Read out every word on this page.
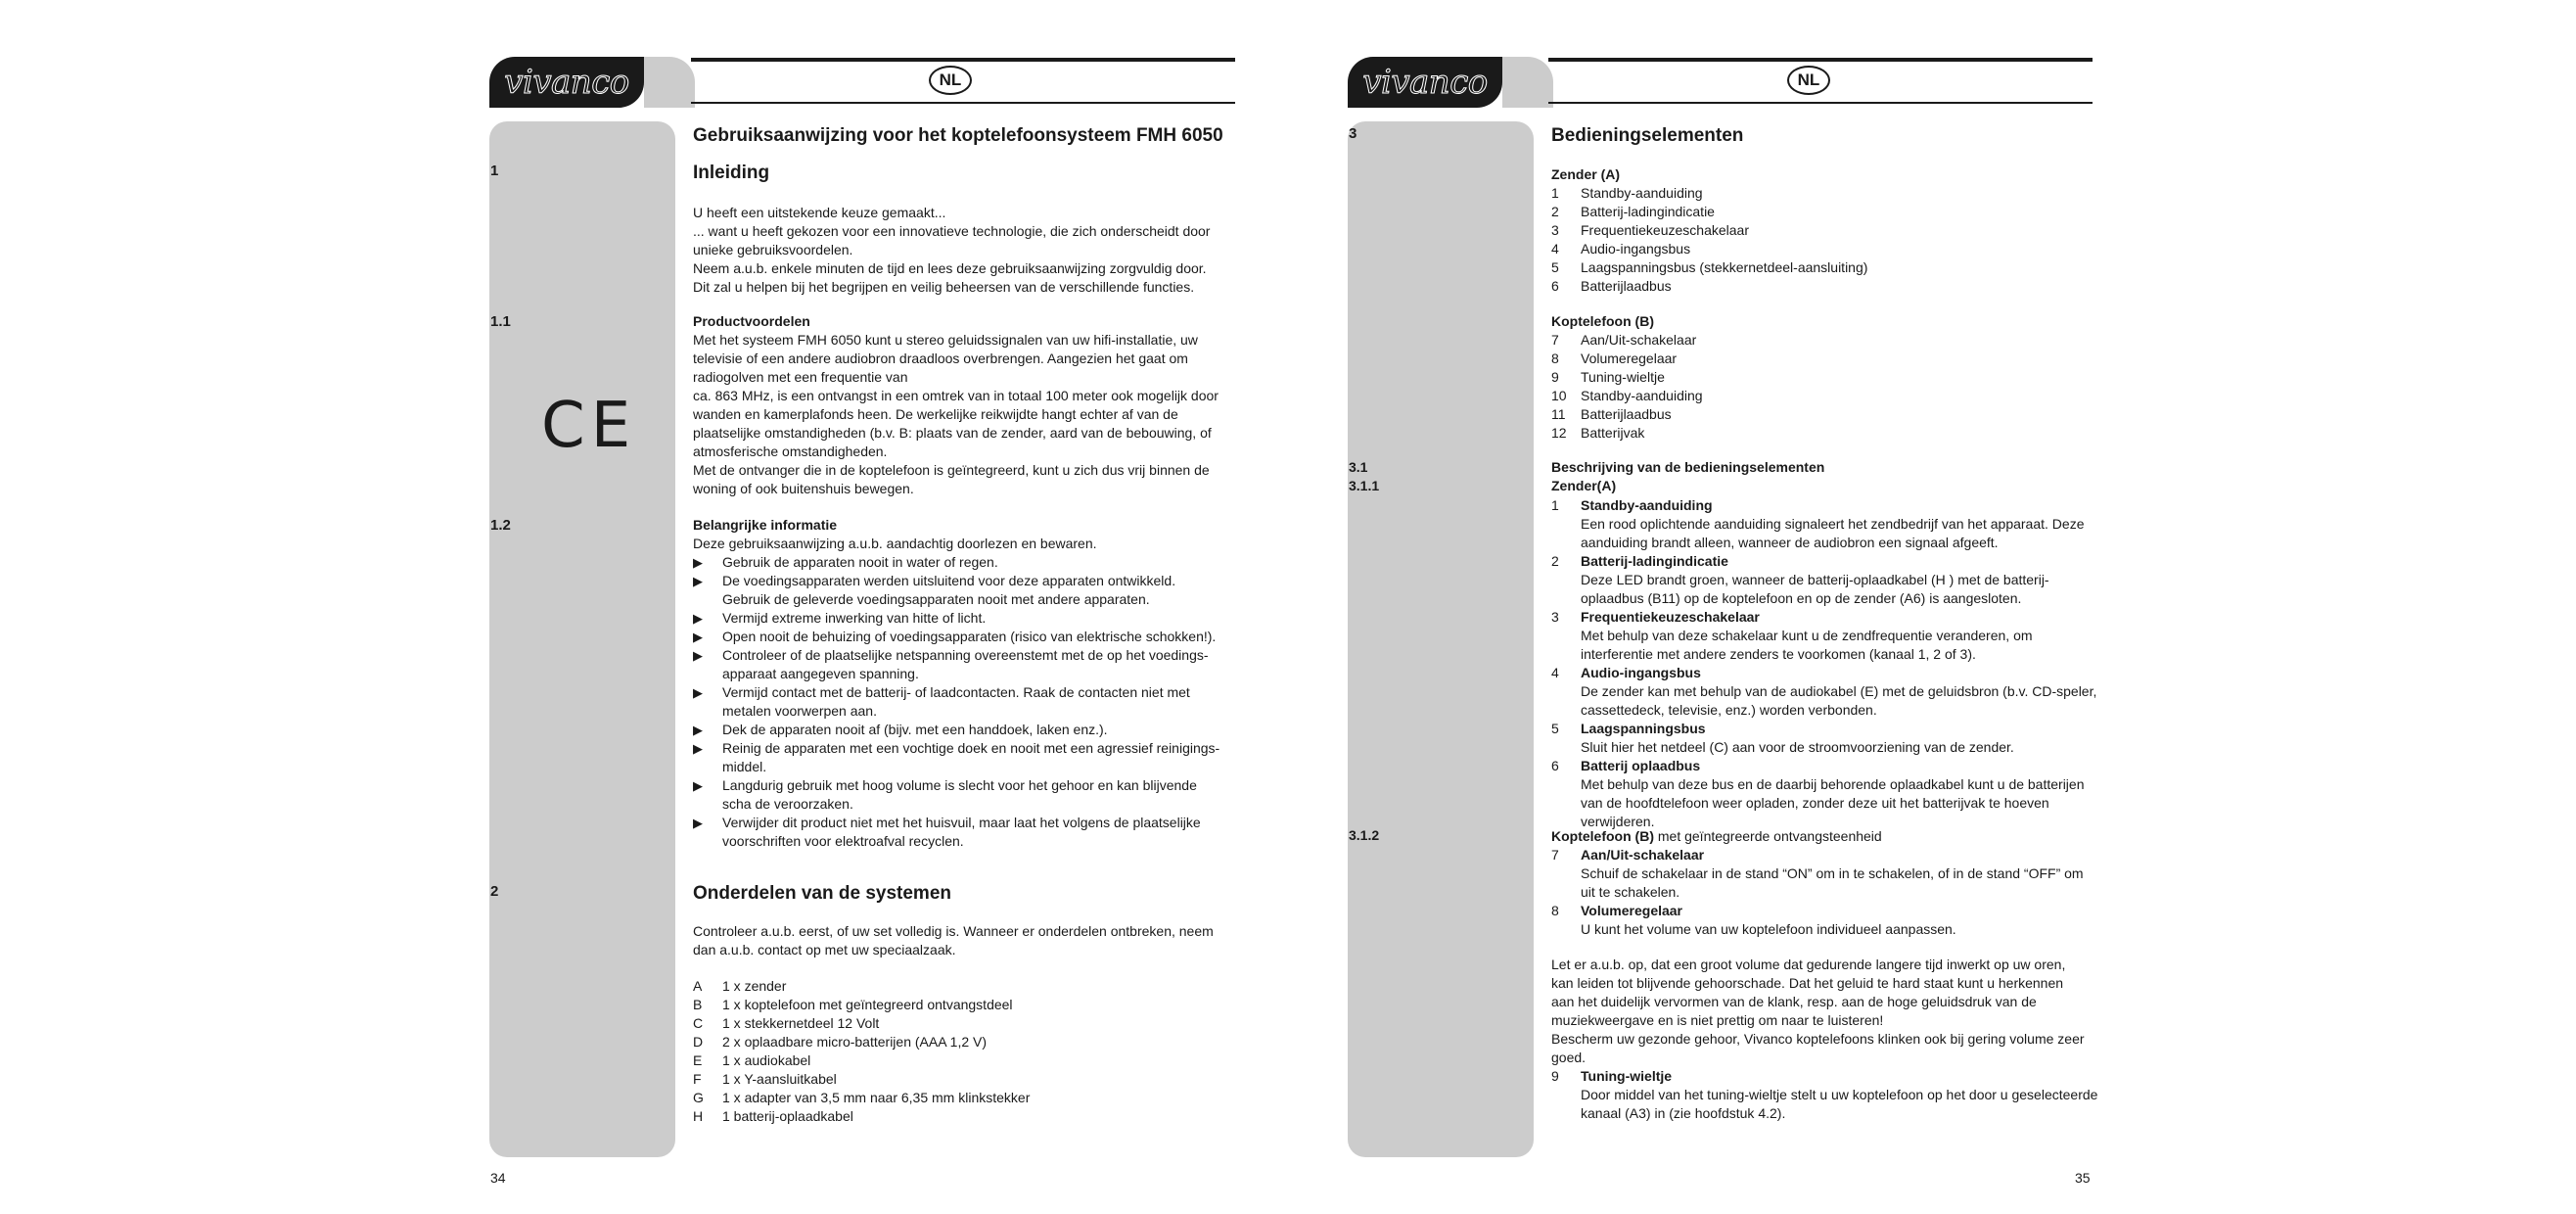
vivanco	NL
CE
Gebruiksaanwijzing voor het koptelefoonsysteem FMH 6050
1	Inleiding
U heeft een uitstekende keuze gemaakt...
... want u heeft gekozen voor een innovatieve technologie, die zich onderscheidt door
unieke gebruiksvoordelen.
Neem a.u.b. enkele minuten de tijd en lees deze gebruiksaanwijzing zorgvuldig door.
Dit zal u helpen bij het begrijpen en veilig beheersen van de verschillende functies.
1.1	Productvoordelen
Met het systeem FMH 6050 kunt u stereo geluidssignalen van uw hifi-installatie, uw
televisie of een andere audiobron draadloos overbrengen. Aangezien het gaat om
radiogolven met een frequentie van
ca. 863 MHz, is een ontvangst in een omtrek van in totaal 100 meter ook mogelijk door
wanden en kamerplafonds heen. De werkelijke reikwijdte hangt echter af van de
plaatselijke omstandigheden (b.v. B: plaats van de zender, aard van de bebouwing, of
atmosferische omstandigheden.
Met de ontvanger die in de koptelefoon is geïntegreerd, kunt u zich dus vrij binnen de
woning of ook buitenshuis bewegen.
1.2	Belangrijke informatie
Deze gebruiksaanwijzing a.u.b. aandachtig doorlezen en bewaren.
▶ Gebruik de apparaten nooit in water of regen.
▶ De voedingsapparaten werden uitsluitend voor deze apparaten ontwikkeld. Gebruik de geleverde voedingsapparaten nooit met andere apparaten.
▶ Vermijd extreme inwerking van hitte of licht.
▶ Open nooit de behuizing of voedingsapparaten (risico van elektrische schokken!).
▶ Controleer of de plaatselijke netspanning overeenstemt met de op het voedings- apparaat aangegeven spanning.
▶ Vermijd contact met de batterij- of laadcontacten. Raak de contacten niet met metalen voorwerpen aan.
▶ Dek de apparaten nooit af (bijv. met een handdoek, laken enz.).
▶ Reinig de apparaten met een vochtige doek en nooit met een agressief reinigings- middel.
▶ Langdurig gebruik met hoog volume is slecht voor het gehoor en kan blijvende scha de veroorzaken.
▶ Verwijder dit product niet met het huisvuil, maar laat het volgens de plaatselijke voorschriften voor elektroafval recyclen.
2	Onderdelen van de systemen
Controleer a.u.b. eerst, of uw set volledig is. Wanneer er onderdelen ontbreken, neem
dan a.u.b. contact op met uw speciaalzaak.
A 1 x zender
B 1 x koptelefoon met geïntegreerd ontvangstdeel
C 1 x stekkernetdeel 12 Volt
D 2 x oplaadbare micro-batterijen (AAA 1,2 V)
E 1 x audiokabel
F 1 x Y-aansluitkabel
G 1 x adapter van 3,5 mm naar 6,35 mm klinkstekker
H 1 batterij-oplaadkabel
34
vivanco	NL
3	Bedieningselementen
Zender (A)
1 Standby-aanduiding
2 Batterij-ladingindicatie
3 Frequentiekeuzeschakelaar
4 Audio-ingangsbus
5 Laagspanningsbus (stekkernetdeel-aansluiting)
6 Batterijlaadbus
Koptelefoon (B)
7 Aan/Uit-schakelaar
8 Volumeregelaar
9 Tuning-wieltje
10 Standby-aanduiding
11 Batterijlaadbus
12 Batterijvak
3.1	Beschrijving van de bedieningselementen
3.1.1	Zender(A)
1 Standby-aanduiding
Een rood oplichtende aanduiding signaleert het zendbedrijf van het apparaat. Deze aanduiding brandt alleen, wanneer de audiobron een signaal afgeeft.
2 Batterij-ladingindicatie
Deze LED brandt groen, wanneer de batterij-oplaadkabel (H ) met de batterij- oplaadbus (B11) op de koptelefoon en op de zender (A6) is aangesloten.
3 Frequentiekeuzeschakelaar
Met behulp van deze schakelaar kunt u de zendfrequentie veranderen, om interferentie met andere zenders te voorkomen (kanaal 1, 2 of 3).
4 Audio-ingangsbus
De zender kan met behulp van de audiokabel (E) met de geluidsbron (b.v. CD-speler, cassettedeck, televisie, enz.) worden verbonden.
5 Laagspanningsbus
Sluit hier het netdeel (C) aan voor de stroomvoorziening van de zender.
6 Batterij oplaadbus
Met behulp van deze bus en de daarbij behorende oplaadkabel kunt u de batterijen van de hoofdtelefoon weer opladen, zonder deze uit het batterijvak te hoeven verwijderen.
3.1.2	Koptelefoon (B) met geïntegreerde ontvangsteenheid
7 Aan/Uit-schakelaar
Schuif de schakelaar in de stand “ON” om in te schakelen, of in de stand “OFF” om uit te schakelen.
8 Volumeregelaar
U kunt het volume van uw koptelefoon individueel aanpassen.
Let er a.u.b. op, dat een groot volume dat gedurende langere tijd inwerkt op uw oren,
kan leiden tot blijvende gehoorschade. Dat het geluid te hard staat kunt u herkennen
aan het duidelijk vervormen van de klank, resp. aan de hoge geluidsdruk van de
muziekweergave en is niet prettig om naar te luisteren!
Bescherm uw gezonde gehoor, Vivanco koptelefoons klinken ook bij gering volume zeer goed.
9 Tuning-wieltje
Door middel van het tuning-wieltje stelt u uw koptelefoon op het door u geselecteerde kanaal (A3) in (zie hoofdstuk 4.2).
35
